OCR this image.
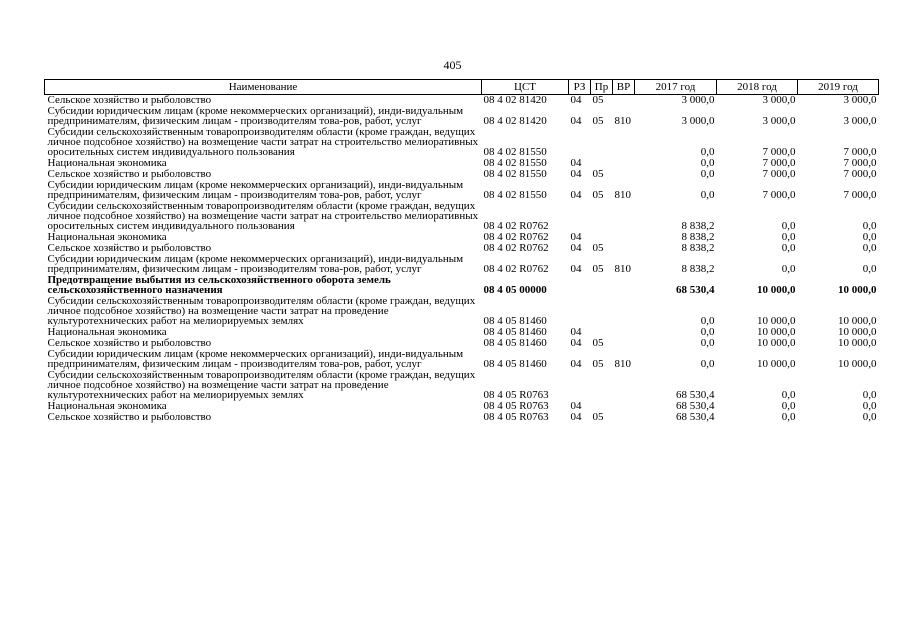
405
Наименование	ЦСТ	РЗ	Пр	ВР	2017 год	2018 год	2019 год
Сельское хозяйство и рыболовство	08 4 02 81420	04	05		3 000,0	3 000,0	3 000,0
Субсидии юридическим лицам (кроме некоммерческих организаций), инди-видуальным предпринимателям, физическим лицам - производителям това-ров, работ, услуг	08 4 02 81420	04	05	810	3 000,0	3 000,0	3 000,0
Субсидии сельскохозяйственным товаропроизводителям области (кроме граждан, ведущих личное подсобное хозяйство) на возмещение части затрат на строительство мелиоративных оросительных систем индивидуального пользования	08 4 02 81550				0,0	7 000,0	7 000,0
Национальная экономика	08 4 02 81550	04			0,0	7 000,0	7 000,0
Сельское хозяйство и рыболовство	08 4 02 81550	04	05		0,0	7 000,0	7 000,0
Субсидии юридическим лицам (кроме некоммерческих организаций), инди-видуальным предпринимателям, физическим лицам - производителям това-ров, работ, услуг	08 4 02 81550	04	05	810	0,0	7 000,0	7 000,0
Субсидии сельскохозяйственным товаропроизводителям области (кроме граждан, ведущих личное подсобное хозяйство) на возмещение части затрат на строительство мелиоративных оросительных систем индивидуального пользования	08 4 02 R0762				8 838,2	0,0	0,0
Национальная экономика	08 4 02 R0762	04			8 838,2	0,0	0,0
Сельское хозяйство и рыболовство	08 4 02 R0762	04	05		8 838,2	0,0	0,0
Субсидии юридическим лицам (кроме некоммерческих организаций), инди-видуальным предпринимателям, физическим лицам - производителям това-ров, работ, услуг	08 4 02 R0762	04	05	810	8 838,2	0,0	0,0
Предотвращение выбытия из сельскохозяйственного оборота земель сельскохозяйственного назначения	08 4 05 00000				68 530,4	10 000,0	10 000,0
Субсидии сельскохозяйственным товаропроизводителям области (кроме граждан, ведущих личное подсобное хозяйство) на возмещение части затрат на проведение культуротехнических работ на мелиорируемых землях	08 4 05 81460				0,0	10 000,0	10 000,0
Национальная экономика	08 4 05 81460	04			0,0	10 000,0	10 000,0
Сельское хозяйство и рыболовство	08 4 05 81460	04	05		0,0	10 000,0	10 000,0
Субсидии юридическим лицам (кроме некоммерческих организаций), инди-видуальным предпринимателям, физическим лицам - производителям това-ров, работ, услуг	08 4 05 81460	04	05	810	0,0	10 000,0	10 000,0
Субсидии сельскохозяйственным товаропроизводителям области (кроме граждан, ведущих личное подсобное хозяйство) на возмещение части затрат на проведение культуротехнических работ на мелиорируемых землях	08 4 05 R0763				68 530,4	0,0	0,0
Национальная экономика	08 4 05 R0763	04			68 530,4	0,0	0,0
Сельское хозяйство и рыболовство	08 4 05 R0763	04	05		68 530,4	0,0	0,0
